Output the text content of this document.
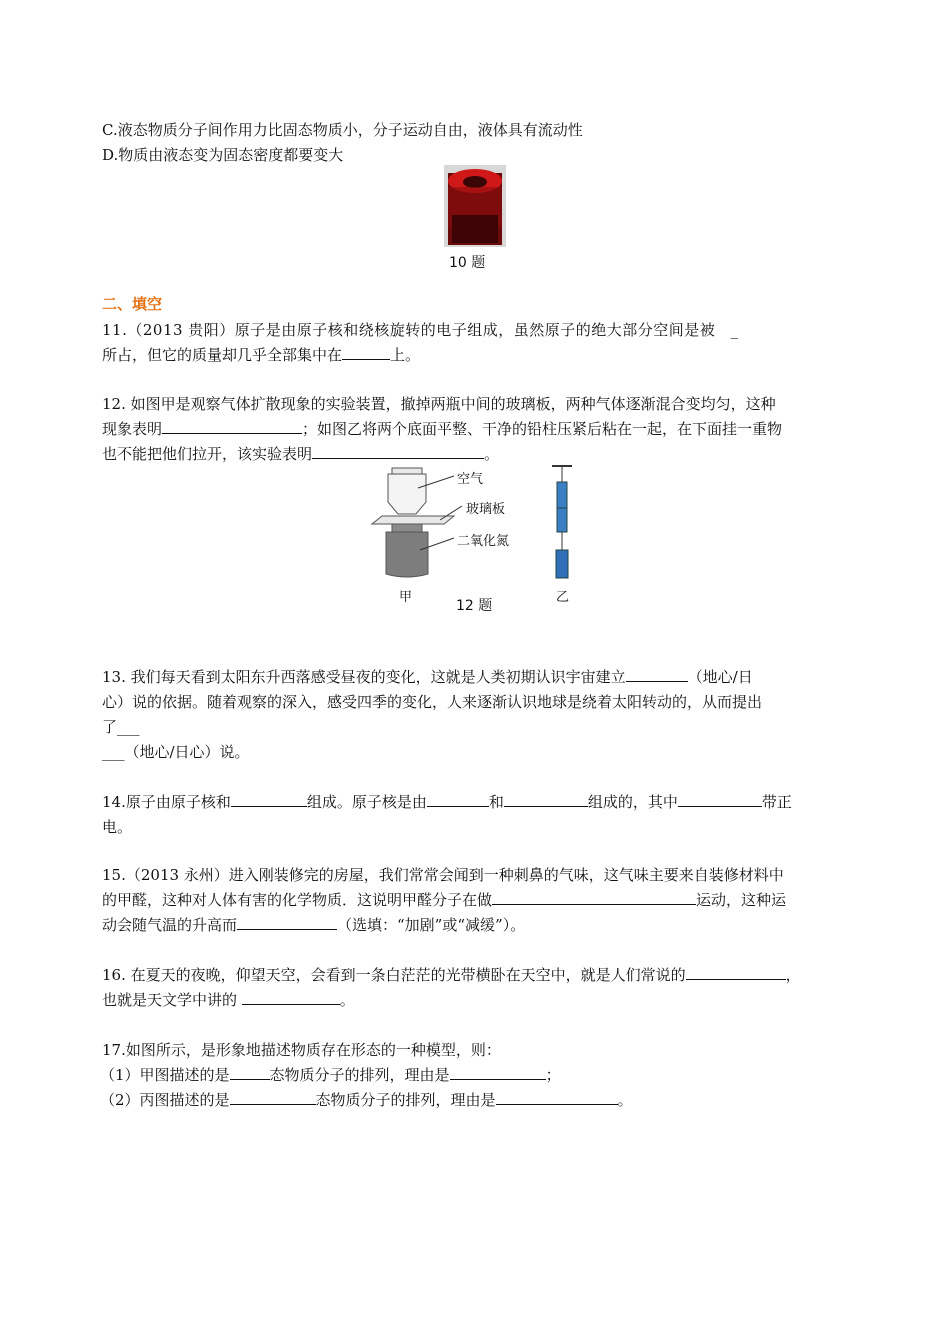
C.液态物质分子间作用力比固态物质小，分子运动自由，液体具有流动性
D.物质由液态变为固态密度都要变大
10 题
二、填空
11.（2013 贵阳）原子是由原子核和绕核旋转的电子组成，虽然原子的绝大部分空间是被 _
所占，但它的质量却几乎全部集中在	上。
12. 如图甲是观察气体扩散现象的实验装置，撤掉两瓶中间的玻璃板，两种气体逐渐混合变均匀，这种
现象表明	；如图乙将两个底面平整、干净的铅柱压紧后粘在一起，在下面挂一重物
也不能把他们拉开，该实验表明	。
空气
玻璃板
二氧化氮
甲	乙
12 题
13. 我们每天看到太阳东升西落感受昼夜的变化，这就是人类初期认识宇宙建立	（地心/日
心）说的依据。随着观察的深入，感受四季的变化，人来逐渐认识地球是绕着太阳转动的，从而提出
了___
___（地心/日心）说。
14.原子由原子核和	组成。原子核是由	和	组成的，其中	带正
电。
15.（2013 永州）进入刚装修完的房屋，我们常常会闻到一种刺鼻的气味，这气味主要来自装修材料中
的甲醛，这种对人体有害的化学物质．这说明甲醛分子在做	运动，这种运
动会随气温的升高而	（选填：“加剧”或“减缓”）。
16. 在夏天的夜晚，仰望天空，会看到一条白茫茫的光带横卧在天空中，就是人们常说的	，
也就是天文学中讲的	。
17.如图所示，是形象地描述物质存在形态的一种模型，则：
（1）甲图描述的是	态物质分子的排列，理由是	；
（2）丙图描述的是	态物质分子的排列，理由是	。
